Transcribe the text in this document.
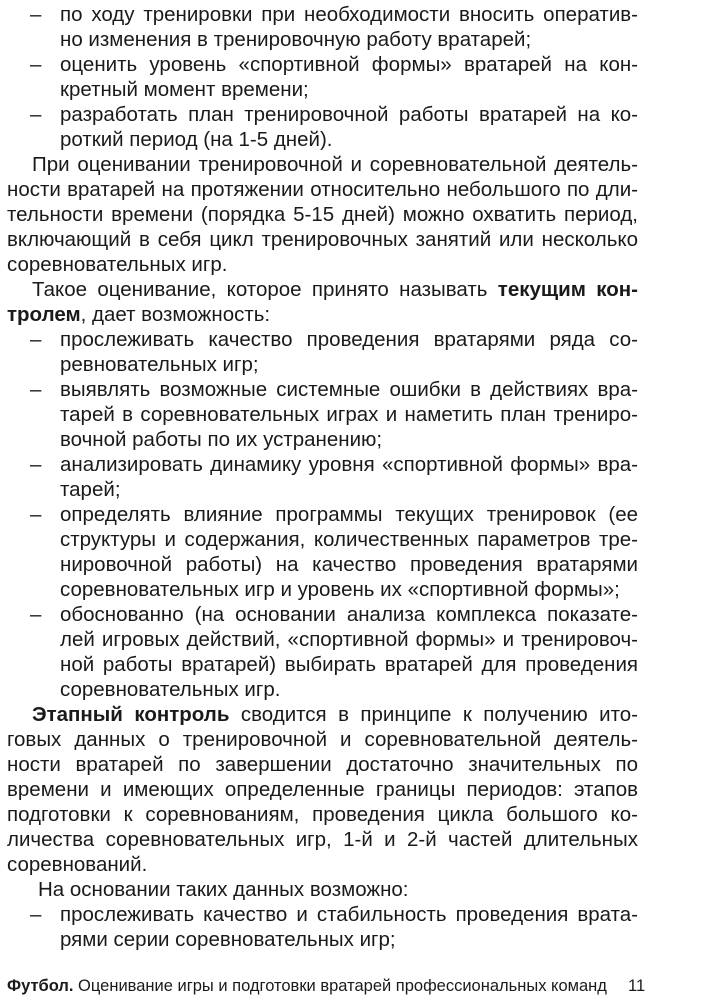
– по ходу тренировки при необходимости вносить оператив-
но изменения в тренировочную работу вратарей;
– оценить уровень «спортивной формы» вратарей на кон-
кретный момент времени;
– разработать план тренировочной работы вратарей на ко-
роткий период (на 1-5 дней).
При оценивании тренировочной и соревновательной деятель-
ности вратарей на протяжении относительно небольшого по дли-
тельности времени (порядка 5-15 дней) можно охватить период,
включающий в себя цикл тренировочных занятий или несколько
соревновательных игр.
Такое оценивание, которое принято называть текущим кон-
тролем, дает возможность:
– прослеживать качество проведения вратарями ряда со-
ревновательных игр;
– выявлять возможные системные ошибки в действиях вра-
тарей в соревновательных играх и наметить план трениро-
вочной работы по их устранению;
– анализировать динамику уровня «спортивной формы» вра-
тарей;
– определять влияние программы текущих тренировок (ее
структуры и содержания, количественных параметров тре-
нировочной работы) на качество проведения вратарями
соревновательных игр и уровень их «спортивной формы»;
– обоснованно (на основании анализа комплекса показате-
лей игровых действий, «спортивной формы» и тренировоч-
ной работы вратарей) выбирать вратарей для проведения
соревновательных игр.
Этапный контроль сводится в принципе к получению ито-
говых данных о тренировочной и соревновательной деятель-
ности вратарей по завершении достаточно значительных по
времени и имеющих определенные границы периодов: этапов
подготовки к соревнованиям, проведения цикла большого ко-
личества соревновательных игр, 1-й и 2-й частей длительных
соревнований.
На основании таких данных возможно:
– прослеживать качество и стабильность проведения врата-
рями серии соревновательных игр;
Футбол. Оценивание игры и подготовки вратарей профессиональных команд	11
